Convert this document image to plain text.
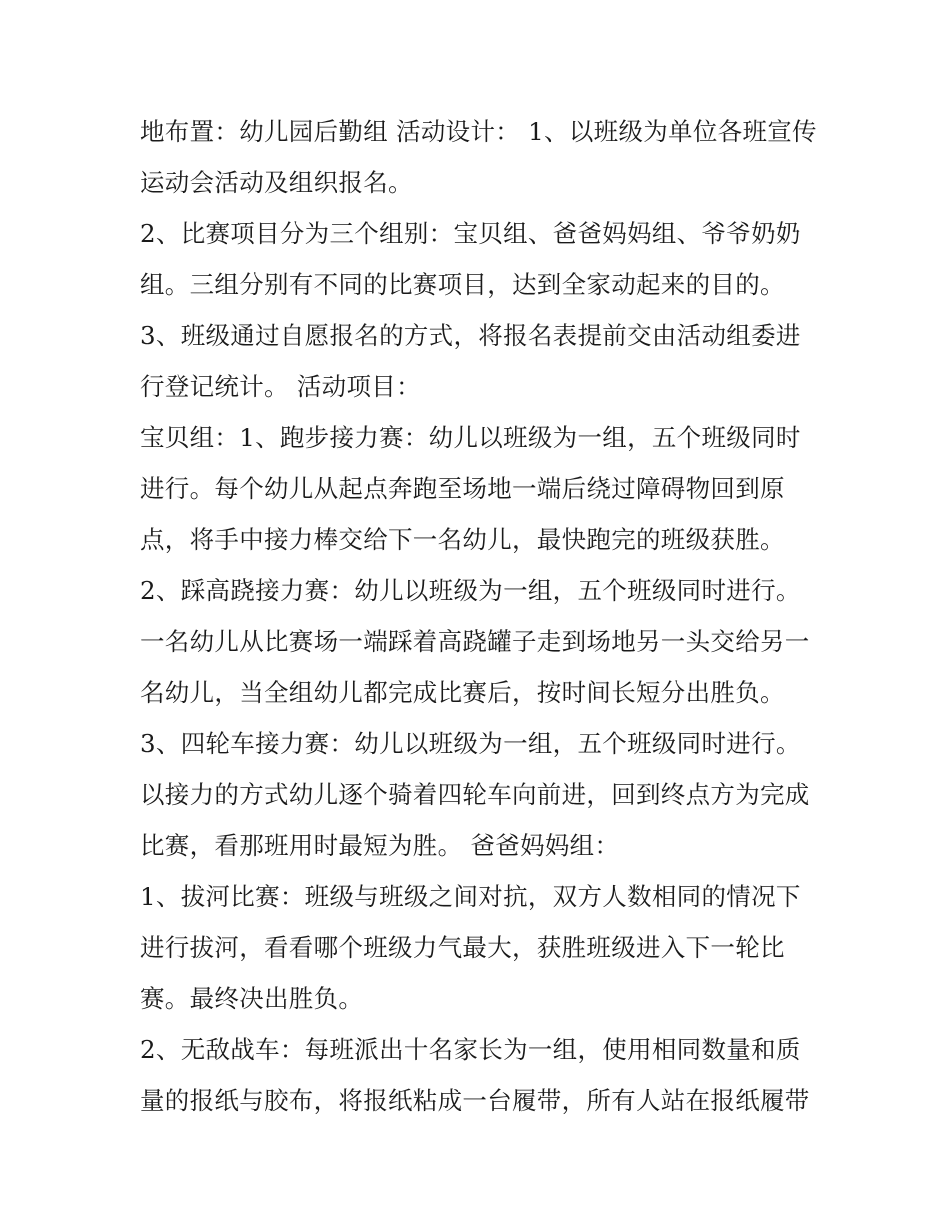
地布置：幼儿园后勤组 活动设计： 1、以班级为单位各班宣传
运动会活动及组织报名。
2、比赛项目分为三个组别：宝贝组、爸爸妈妈组、爷爷奶奶
组。三组分别有不同的比赛项目，达到全家动起来的目的。
3、班级通过自愿报名的方式，将报名表提前交由活动组委进
行登记统计。 活动项目：
宝贝组：1、跑步接力赛：幼儿以班级为一组，五个班级同时
进行。每个幼儿从起点奔跑至场地一端后绕过障碍物回到原
点，将手中接力棒交给下一名幼儿，最快跑完的班级获胜。
2、踩高跷接力赛：幼儿以班级为一组，五个班级同时进行。
一名幼儿从比赛场一端踩着高跷罐子走到场地另一头交给另一
名幼儿，当全组幼儿都完成比赛后，按时间长短分出胜负。
3、四轮车接力赛：幼儿以班级为一组，五个班级同时进行。
以接力的方式幼儿逐个骑着四轮车向前进，回到终点方为完成
比赛，看那班用时最短为胜。 爸爸妈妈组：
1、拔河比赛：班级与班级之间对抗，双方人数相同的情况下
进行拔河，看看哪个班级力气最大，获胜班级进入下一轮比
赛。最终决出胜负。
2、无敌战车：每班派出十名家长为一组，使用相同数量和质
量的报纸与胶布，将报纸粘成一台履带，所有人站在报纸履带
